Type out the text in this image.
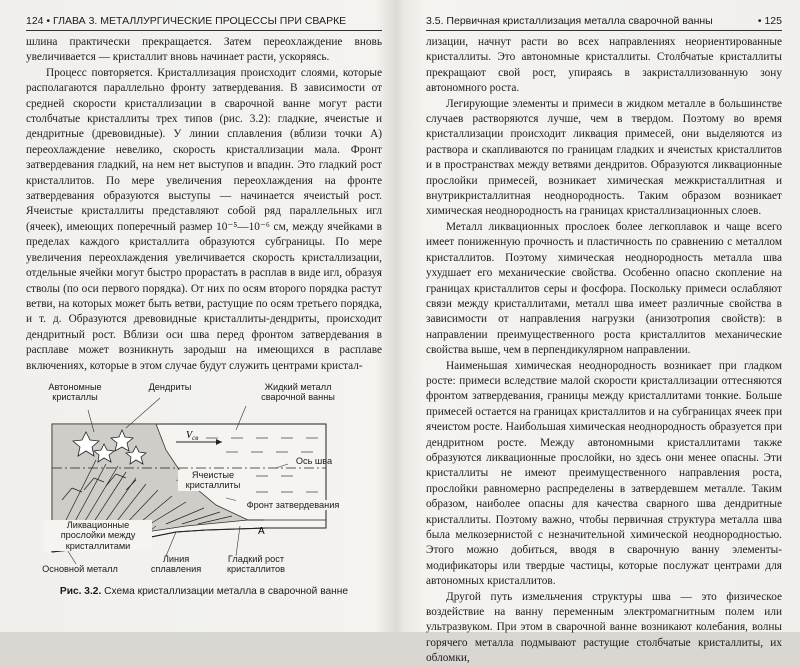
124 • ГЛАВА 3. МЕТАЛЛУРГИЧЕСКИЕ ПРОЦЕССЫ ПРИ СВАРКЕ

шлина практически прекращается. Затем переохлаждение вновь увеличивается — кристаллит вновь начинает расти, ускоряясь.

Процесс повторяется. Кристаллизация происходит слоями, которые располагаются параллельно фронту затвердевания. В зависимости от средней скорости кристаллизации в сварочной ванне могут расти столбчатые кристаллиты трех типов (рис. 3.2): гладкие, ячеистые и дендритные (древовидные). У линии сплавления (вблизи точки А) переохлаждение невелико, скорость кристаллизации мала. Фронт затвердевания гладкий, на нем нет выступов и впадин. Это гладкий рост кристаллитов. По мере увеличения переохлаждения на фронте затвердевания образуются выступы — начинается ячеистый рост. Ячеистые кристаллиты представляют собой ряд параллельных игл (ячеек), имеющих поперечный размер 10⁻⁵—10⁻⁶ см, между ячейками в пределах каждого кристаллита образуются субграницы. По мере увеличения переохлаждения увеличивается скорость кристаллизации, отдельные ячейки могут быстро прорастать в расплав в виде игл, образуя стволы (по оси первого порядка). От них по осям второго порядка растут ветви, на которых может быть ветви, растущие по осям третьего порядка, и т. д. Образуются древовидные кристаллиты-дендриты, происходит дендритный рост. Вблизи оси шва перед фронтом затвердевания в расплаве может возникнуть зародыш на имеющихся в расплаве включениях, которые в этом случае будут служить центрами кристал-

$V_{св}$
A
Автономные кристаллы
Дендриты	Жидкий металл сварочной ванны
Ось шва
Ячеистые кристаллиты
Фронт затвердевания
Ликвационные прослойки между кристаллитами
Линия сплавления
Гладкий рост кристаллитов
Основной металл
Рис. 3.2. Схема кристаллизации металла в сварочной ванне
3.5. Первичная кристаллизация металла сварочной ванны	• 125

лизации, начнут расти во всех направлениях неориентированные кристаллиты. Это автономные кристаллиты. Столбчатые кристаллиты прекращают свой рост, упираясь в закристаллизованную зону автономного роста.

Легирующие элементы и примеси в жидком металле в большинстве случаев растворяются лучше, чем в твердом. Поэтому во время кристаллизации происходит ликвация примесей, они выделяются из раствора и скапливаются по границам гладких и ячеистых кристаллитов и в пространствах между ветвями дендритов. Образуются ликвационные прослойки примесей, возникает химическая межкристаллитная и внутрикристаллитная неоднородность. Таким образом возникает химическая неоднородность на границах кристаллизационных слоев.

Металл ликвационных прослоек более легкоплавок и чаще всего имеет пониженную прочность и пластичность по сравнению с металлом кристаллитов. Поэтому химическая неоднородность металла шва ухудшает его механические свойства. Особенно опасно скопление на границах кристаллитов серы и фосфора. Поскольку примеси ослабляют связи между кристаллитами, металл шва имеет различные свойства в зависимости от направления нагрузки (анизотропия свойств): в направлении преимущественного роста кристаллитов механические свойства выше, чем в перпендикулярном направлении.

Наименьшая химическая неоднородность возникает при гладком росте: примеси вследствие малой скорости кристаллизации оттесняются фронтом затвердевания, границы между кристаллитами тонкие. Больше примесей остается на границах кристаллитов и на субграницах ячеек при ячеистом росте. Наибольшая химическая неоднородность образуется при дендритном росте. Между автономными кристаллитами также образуются ликвационные прослойки, но здесь они менее опасны. Эти кристаллиты не имеют преимущественного направления роста, прослойки равномерно распределены в затвердевшем металле. Таким образом, наиболее опасны для качества сварного шва дендритные кристаллиты. Поэтому важно, чтобы первичная структура металла шва была мелкозернистой с незначительной химической неоднородностью. Этого можно добиться, вводя в сварочную ванну элементы-модификаторы или твердые частицы, которые послужат центрами для автономных кристаллитов.

Другой путь измельчения структуры шва — это физическое воздействие на ванну переменным электромагнитным полем или ультразвуком. При этом в сварочной ванне возникают колебания, волны горячего металла подмывают растущие столбчатые кристаллиты, их обломки,
